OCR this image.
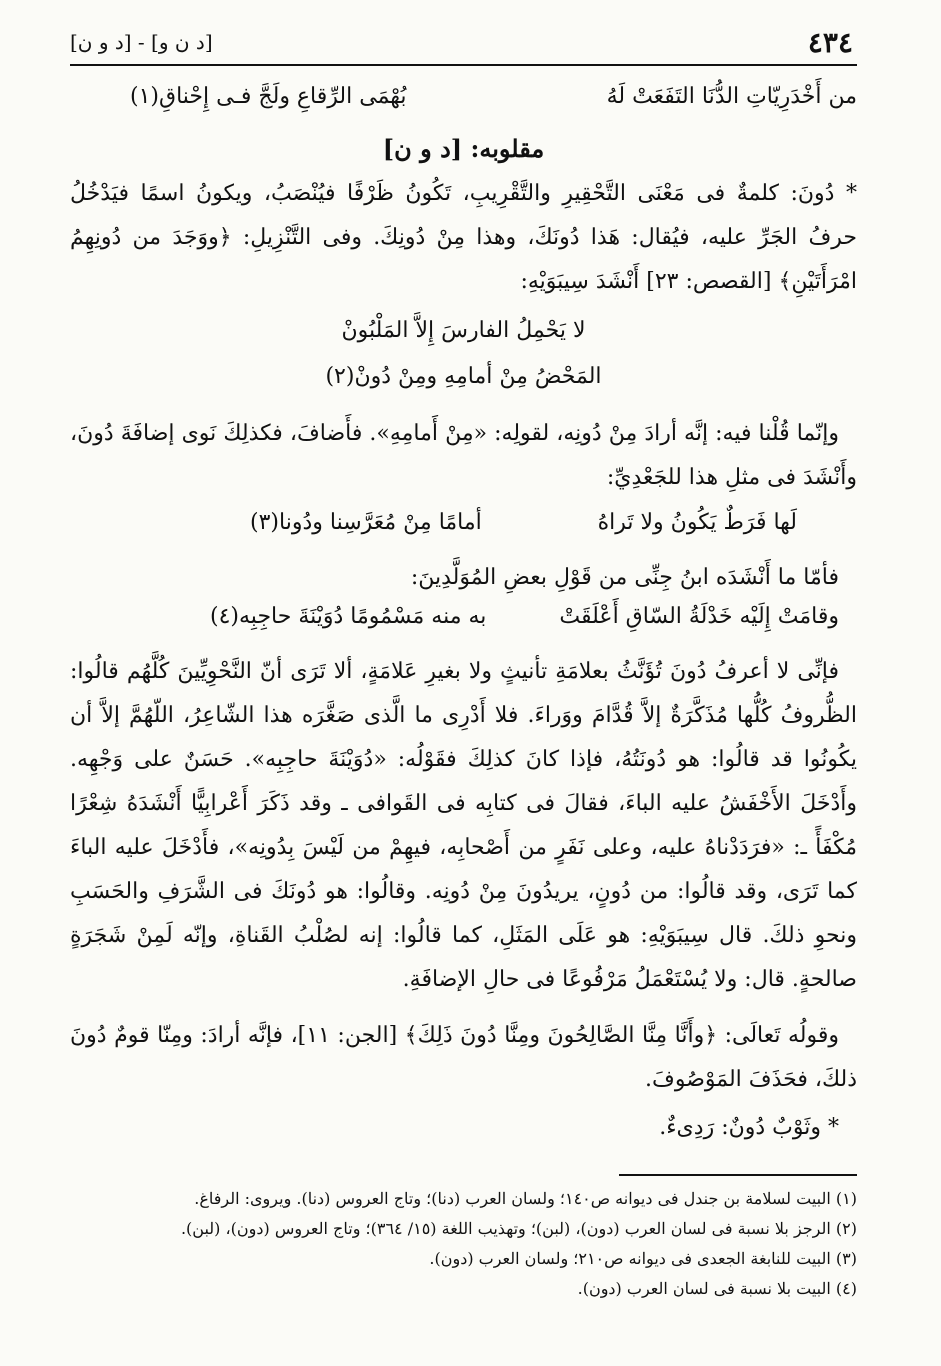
٤٣٤
[د ن و] - [د و ن]
من أَخْدَرِيّاتِ الدُّنَا التَفَعَتْ لَهُ
بُهْمَى الرِّقاعِ ولَجَّ فـى إِحْناقِ(١)
مقلوبه: [د و ن]
* دُونَ: كلمةٌ فى مَعْنَى التَّحْقِيرِ والتَّقْرِيبِ، تَكُونُ ظَرْفًا فيُنْصَبُ، ويكونُ اسمًا فيَدْخُلُ حرفُ الجَرِّ عليه، فيُقال: هَذا دُونَكَ، وهذا مِنْ دُونِكَ. وفى التَّنْزِيلِ: ﴿ووَجَدَ من دُونِهِمُ امْرَأَتَيْنِ﴾ [القصص: ٢٣] أَنْشَدَ سِيبَوَيْهِ:
لا يَحْمِلُ الفارسَ إِلاَّ المَلْبُونْ
المَحْضُ مِنْ أمامِهِ ومِنْ دُونْ(٢)
وإنّما قُلْنا فيه: إنَّه أرادَ مِنْ دُونِه، لقولِه: «مِنْ أَمامِهِ». فأَضافَ، فكذلِكَ نَوى إضافَةَ دُونَ، وأَنْشَدَ فى مثلِ هذا للجَعْدِيِّ:
لَها فَرَطٌ يَكُونُ ولا تَراهُ
أمامًا مِنْ مُعَرَّسِنا ودُونا(٣)
فأمّا ما أَنْشَدَه ابنُ جِنِّى من قَوْلِ بعضِ المُوَلَّدِينَ:
وقامَتْ إِلَيْه خَدْلَةُ السّاقِ أَعْلَقَتْ
به منه مَسْمُومًا دُوَيْنَةَ حاجِبِه(٤)
فإنِّى لا أعرفُ دُونَ تُؤَنَّثُ بعلامَةِ تأنيثٍ ولا بغيرِ عَلامَةٍ، ألا تَرَى أنّ النَّحْوِيِّينَ كُلَّهُم قالُوا: الظُّروفُ كُلُّها مُذَكَّرَةٌ إلاَّ قُدَّامَ ووَراءَ. فلا أَدْرِى ما الَّذى صَغَّرَه هذا الشّاعِرُ، اللّهُمَّ إلاَّ أن يكُونُوا قد قالُوا: هو دُونَتُهُ، فإذا كانَ كذلِكَ فقَوْلُه: «دُوَيْنَةَ حاجِبِه». حَسَنٌ على وَجْهِه. وأَدْخَلَ الأَخْفَشُ عليه الباءَ، فقالَ فى كتابِه فى القَوافى ـ وقد ذَكَرَ أَعْرابِيًّا أَنْشَدَهُ شِعْرًا مُكْفَأً ـ: «فرَدَدْناهُ عليه، وعلى نَفَرٍ من أَصْحابِه، فيهِمْ من لَيْسَ بِدُونِه»، فأَدْخَلَ عليه الباءَ كما تَرَى، وقد قالُوا: من دُونٍ، يريدُونَ مِنْ دُونِه. وقالُوا: هو دُونَكَ فى الشَّرَفِ والحَسَبِ ونحوِ ذلكَ. قال سِيبَوَيْهِ: هو عَلَى المَثَلِ، كما قالُوا: إنه لصُلْبُ القَناةِ، وإنّه لَمِنْ شَجَرَةٍ صالحةٍ. قال: ولا يُسْتَعْمَلُ مَرْفُوعًا فى حالِ الإضافَةِ.
وقولُه تَعالَى: ﴿وأَنَّا مِنَّا الصَّالِحُونَ ومِنَّا دُونَ ذَلِكَ﴾ [الجن: ١١]، فإنَّه أرادَ: ومِنّا قومٌ دُونَ ذلكَ، فحَذَفَ المَوْصُوفَ.
* وثَوْبٌ دُونٌ: رَدِىءٌ.
(١) البيت لسلامة بن جندل فى ديوانه ص١٤٠؛ ولسان العرب (دنا)؛ وتاج العروس (دنا). ويروى: الرفاغ.
(٢) الرجز بلا نسبة فى لسان العرب (دون)، (لبن)؛ وتهذيب اللغة (١٥/ ٣٦٤)؛ وتاج العروس (دون)، (لبن).
(٣) البيت للنابغة الجعدى فى ديوانه ص٢١٠؛ ولسان العرب (دون).
(٤) البيت بلا نسبة فى لسان العرب (دون).
